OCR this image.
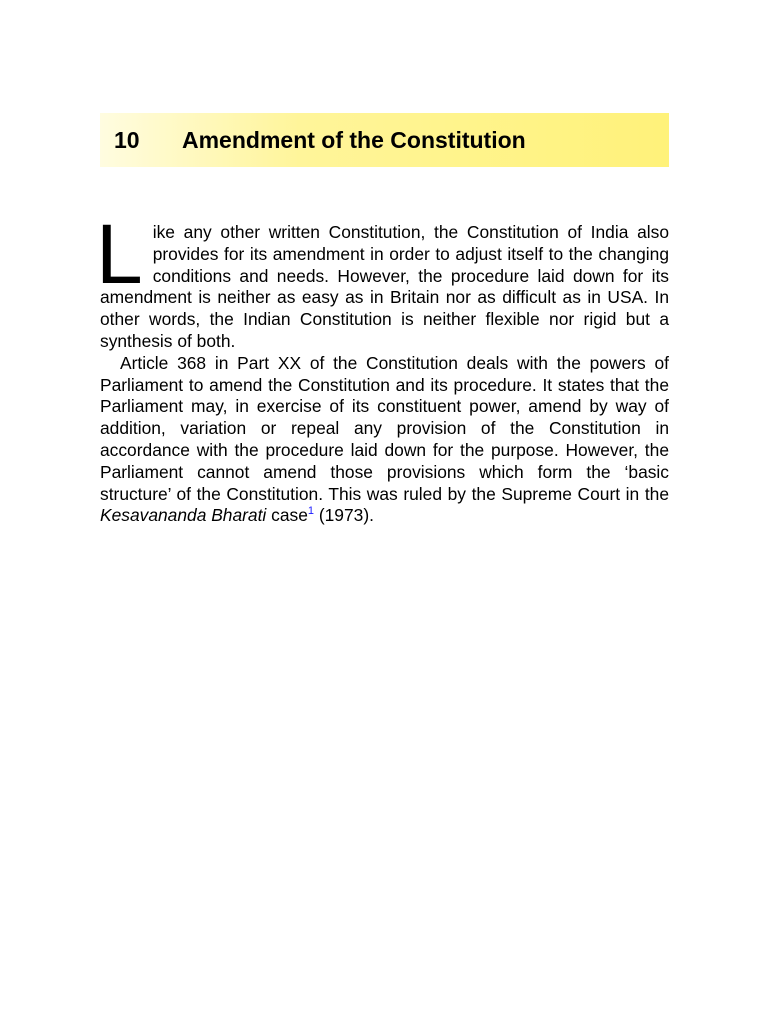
10 Amendment of the Constitution

Like any other written Constitution, the Constitution of India also provides for its amendment in order to adjust itself to the changing conditions and needs. However, the procedure laid down for its amendment is neither as easy as in Britain nor as difficult as in USA. In other words, the Indian Constitution is neither flexible nor rigid but a synthesis of both.

Article 368 in Part XX of the Constitution deals with the powers of Parliament to amend the Constitution and its procedure. It states that the Parliament may, in exercise of its constituent power, amend by way of addition, variation or repeal any provision of the Constitution in accordance with the procedure laid down for the purpose. However, the Parliament cannot amend those provisions which form the ‘basic structure’ of the Constitution. This was ruled by the Supreme Court in the Kesavananda Bharati case$^1$ (1973).
